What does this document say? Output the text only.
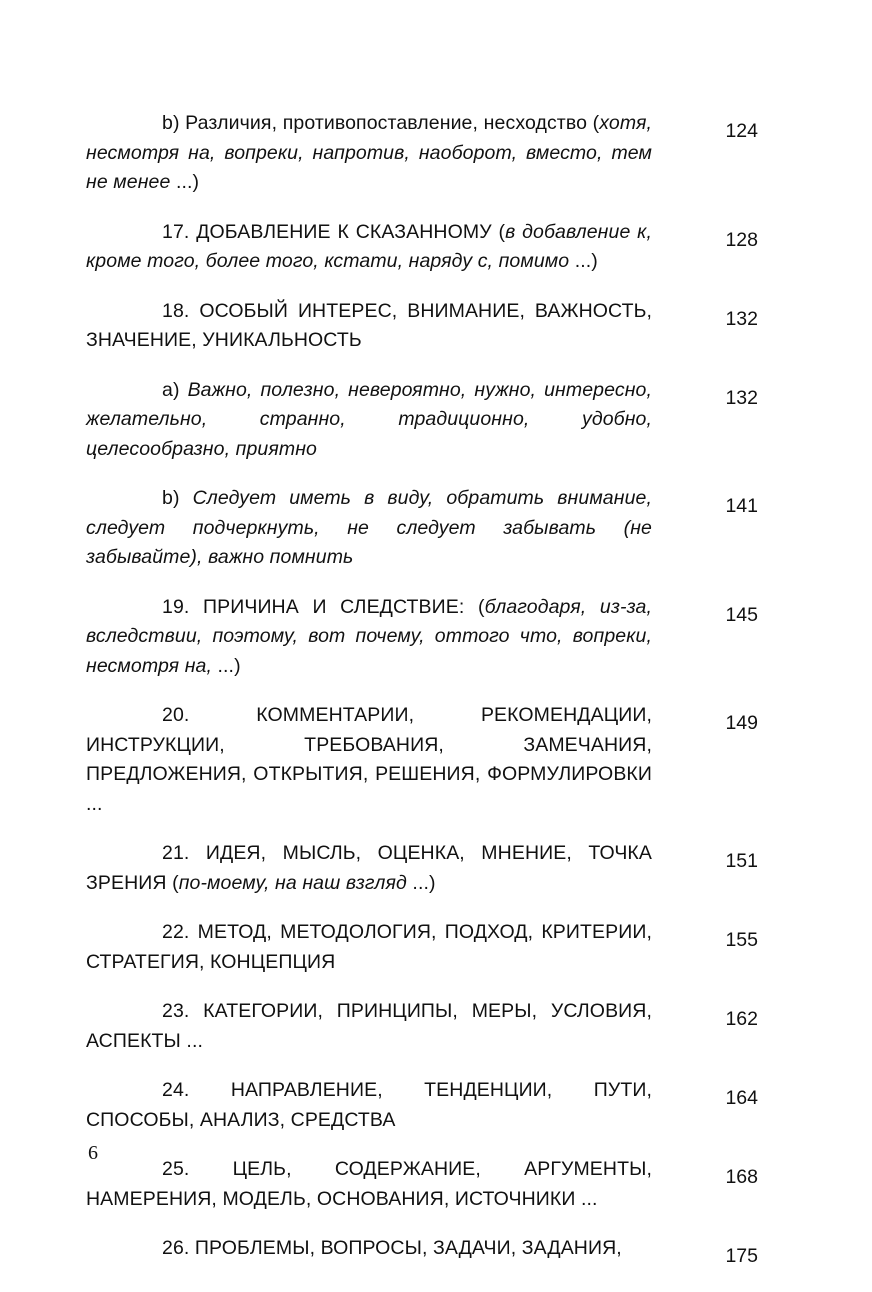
b) Различия, противопоставление, несходство (хотя, несмотря на, вопреки, напротив, наоборот, вместо, тем не менее ...)
124
17. ДОБАВЛЕНИЕ К СКАЗАННОМУ (в добавление к, кроме того, более того, кстати, наряду с, помимо ...)
128
18. ОСОБЫЙ ИНТЕРЕС, ВНИМАНИЕ, ВАЖНОСТЬ, ЗНАЧЕНИЕ, УНИКАЛЬНОСТЬ
132
a) Важно, полезно, невероятно, нужно, интересно, желательно, странно, традиционно, удобно, целесообразно, приятно
132
b) Следует иметь в виду, обратить внимание, следует подчеркнуть, не следует забывать (не забывайте), важно помнить
141
19. ПРИЧИНА И СЛЕДСТВИЕ: (благодаря, из-за, вследствии, поэтому, вот почему, оттого что, вопреки, несмотря на, ...)
145
20. КОММЕНТАРИИ, РЕКОМЕНДАЦИИ, ИНСТРУКЦИИ, ТРЕБОВАНИЯ, ЗАМЕЧАНИЯ, ПРЕДЛОЖЕНИЯ, ОТКРЫТИЯ, РЕШЕНИЯ, ФОРМУЛИРОВКИ ...
149
21. ИДЕЯ, МЫСЛЬ, ОЦЕНКА, МНЕНИЕ, ТОЧКА ЗРЕНИЯ (по-моему, на наш взгляд ...)
151
22. МЕТОД, МЕТОДОЛОГИЯ, ПОДХОД, КРИТЕРИИ, СТРАТЕГИЯ, КОНЦЕПЦИЯ
155
23. КАТЕГОРИИ, ПРИНЦИПЫ, МЕРЫ, УСЛОВИЯ, АСПЕКТЫ ...
162
24. НАПРАВЛЕНИЕ, ТЕНДЕНЦИИ, ПУТИ, СПОСОБЫ, АНАЛИЗ, СРЕДСТВА
164
25. ЦЕЛЬ, СОДЕРЖАНИЕ, АРГУМЕНТЫ, НАМЕРЕНИЯ, МОДЕЛЬ, ОСНОВАНИЯ, ИСТОЧНИКИ ...
168
26. ПРОБЛЕМЫ, ВОПРОСЫ, ЗАДАЧИ, ЗАДАНИЯ,	175
6
